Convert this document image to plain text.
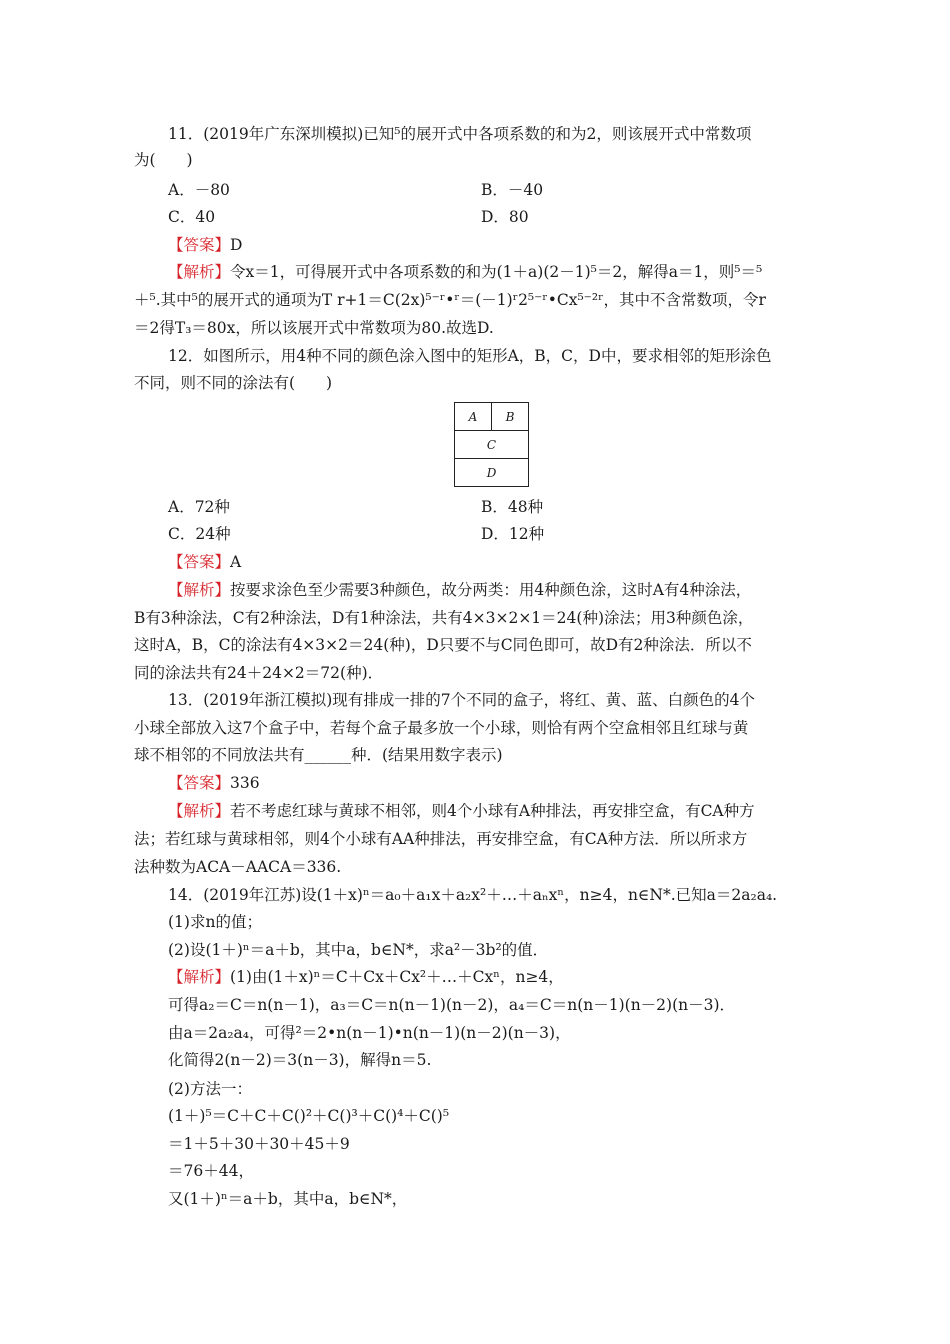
11．(2019年广东深圳模拟)已知⁵的展开式中各项系数的和为2，则该展开式中常数项
为(　　)
A．－80	B．－40
C．40	D．80
【答案】D
【解析】令x＝1，可得展开式中各项系数的和为(1＋a)(2－1)⁵＝2，解得a＝1，则⁵＝⁵
＋⁵.其中⁵的展开式的通项为T r+1＝C(2x)⁵⁻ʳ•ʳ＝(－1)ʳ2⁵⁻ʳ•Cx⁵⁻²ʳ，其中不含常数项，令r
＝2得T₃＝80x，所以该展开式中常数项为80.故选D.
12．如图所示，用4种不同的颜色涂入图中的矩形A，B，C，D中，要求相邻的矩形涂色
不同，则不同的涂法有(　　)
A	B
C
D
A．72种	B．48种
C．24种	D．12种
【答案】A
【解析】按要求涂色至少需要3种颜色，故分两类：用4种颜色涂，这时A有4种涂法，
B有3种涂法，C有2种涂法，D有1种涂法，共有4×3×2×1＝24(种)涂法；用3种颜色涂，
这时A，B，C的涂法有4×3×2＝24(种)，D只要不与C同色即可，故D有2种涂法．所以不
同的涂法共有24＋24×2＝72(种)．
13．(2019年浙江模拟)现有排成一排的7个不同的盒子，将红、黄、蓝、白颜色的4个
小球全部放入这7个盒子中，若每个盒子最多放一个小球，则恰有两个空盒相邻且红球与黄
球不相邻的不同放法共有______种．(结果用数字表示)
【答案】336
【解析】若不考虑红球与黄球不相邻，则4个小球有A种排法，再安排空盒，有CA种方
法；若红球与黄球相邻，则4个小球有AA种排法，再安排空盒，有CA种方法．所以所求方
法种数为ACA－AACA＝336.
14．(2019年江苏)设(1＋x)ⁿ＝a₀＋a₁x＋a₂x²＋…＋aₙxⁿ，n≥4，n∈N*.已知a＝2a₂a₄.
(1)求n的值；
(2)设(1＋)ⁿ＝a＋b，其中a，b∈N*，求a²－3b²的值．
【解析】(1)由(1＋x)ⁿ＝C＋Cx＋Cx²＋…＋Cxⁿ，n≥4，
可得a₂＝C＝n(n－1)，a₃＝C＝n(n－1)(n－2)，a₄＝C＝n(n－1)(n－2)(n－3)．
由a＝2a₂a₄，可得²＝2•n(n－1)•n(n－1)(n－2)(n－3)，
化简得2(n－2)＝3(n－3)，解得n＝5.
(2)方法一：
(1＋)⁵＝C＋C＋C()²＋C()³＋C()⁴＋C()⁵
＝1＋5＋30＋30＋45＋9
＝76＋44，
又(1＋)ⁿ＝a＋b，其中a，b∈N*，
